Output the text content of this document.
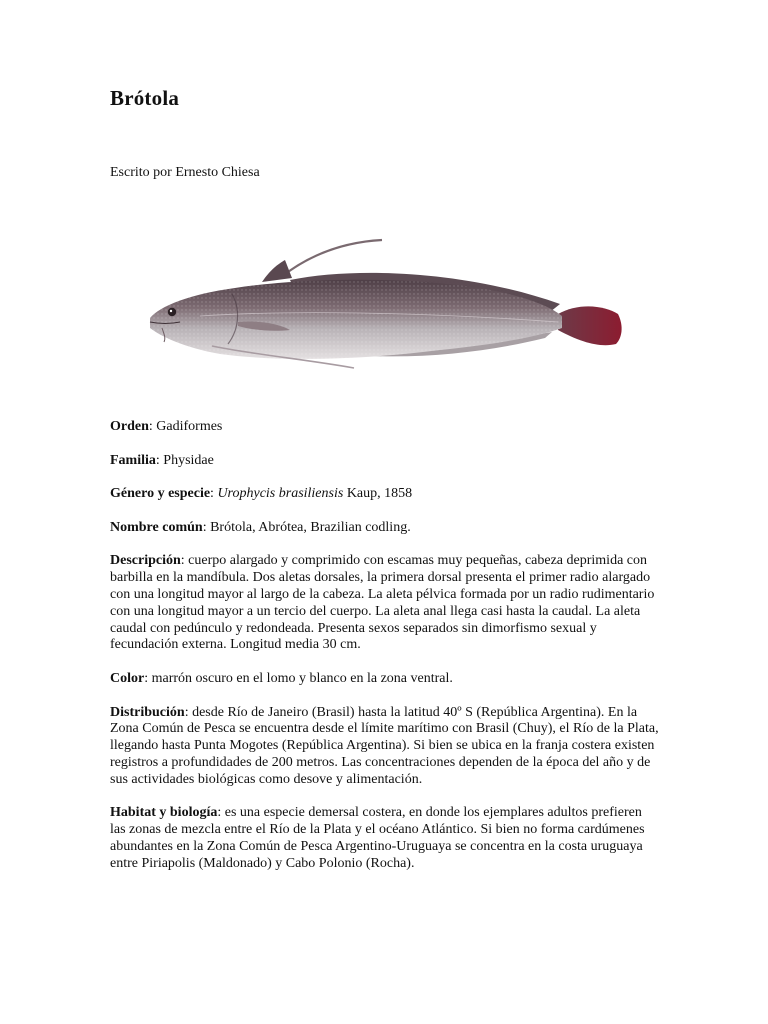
Brótola
Escrito por Ernesto Chiesa

Orden: Gadiformes

Familia: Physidae

Género y especie: Urophycis brasiliensis Kaup, 1858

Nombre común: Brótola, Abrótea, Brazilian codling.

Descripción: cuerpo alargado y comprimido con escamas muy pequeñas, cabeza deprimida con barbilla en la mandíbula. Dos aletas dorsales, la primera dorsal presenta el primer radio alargado con una longitud mayor al largo de la cabeza. La aleta pélvica formada por un radio rudimentario con una longitud mayor a un tercio del cuerpo. La aleta anal llega casi hasta la caudal. La aleta caudal con pedúnculo y redondeada. Presenta sexos separados sin dimorfismo sexual y fecundación externa. Longitud media 30 cm.

Color: marrón oscuro en el lomo y blanco en la zona ventral.

Distribución: desde Río de Janeiro (Brasil) hasta la latitud 40º S (República Argentina). En la Zona Común de Pesca se encuentra desde el límite marítimo con Brasil (Chuy), el Río de la Plata, llegando hasta Punta Mogotes (República Argentina). Si bien se ubica en la franja costera existen registros a profundidades de 200 metros. Las concentraciones dependen de la época del año y de sus actividades biológicas como desove y alimentación.

Habitat y biología: es una especie demersal costera, en donde los ejemplares adultos prefieren las zonas de mezcla entre el Río de la Plata y el océano Atlántico. Si bien no forma cardúmenes abundantes en la Zona Común de Pesca Argentino-Uruguaya se concentra en la costa uruguaya entre Piriapolis (Maldonado) y Cabo Polonio (Rocha).
